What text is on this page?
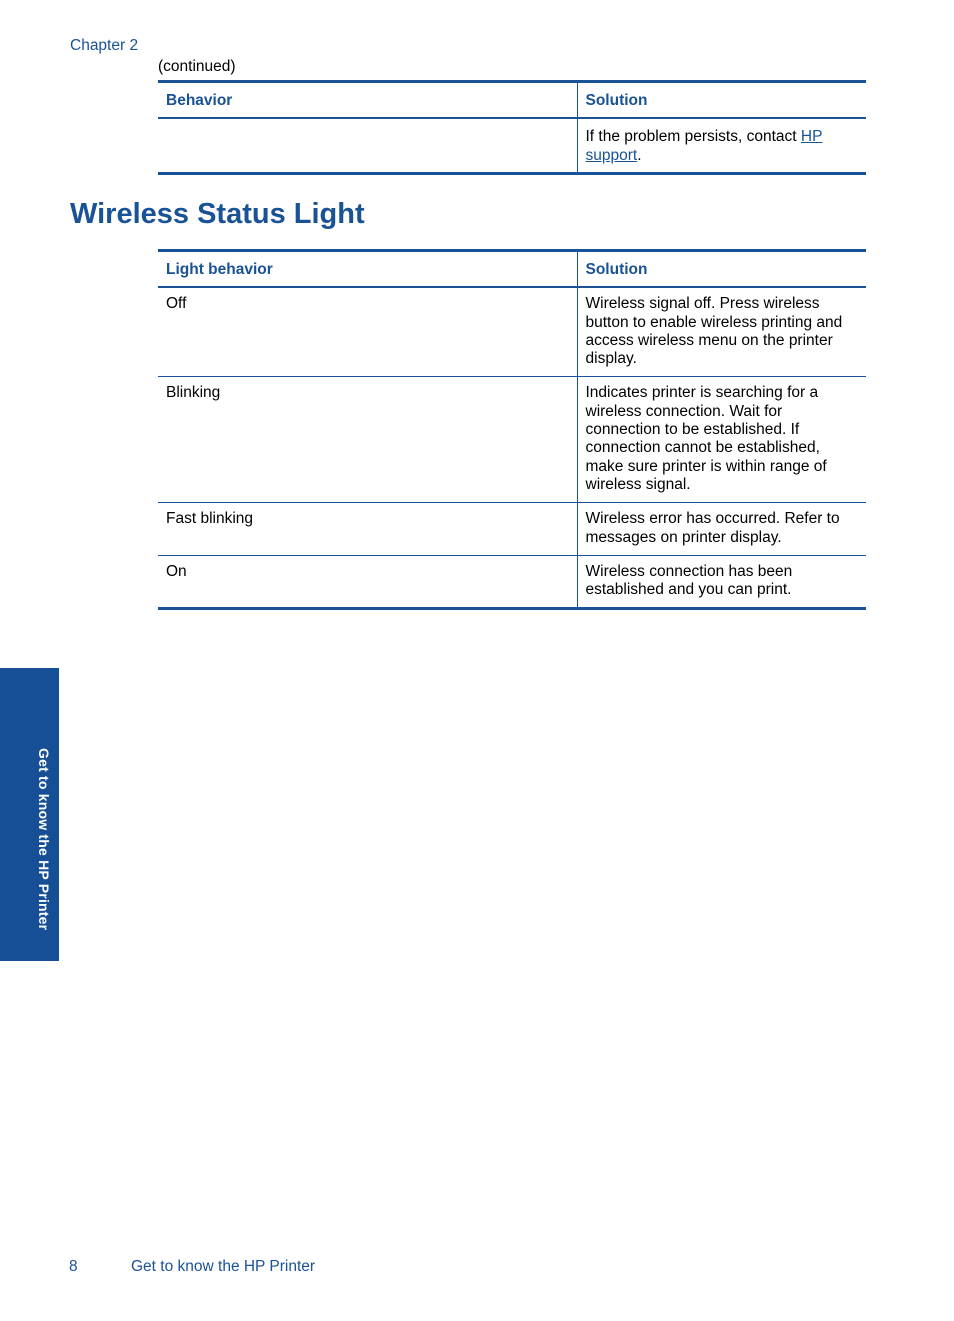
Chapter 2
(continued)
Behavior	Solution
	If the problem persists, contact HP support.
Wireless Status Light
Light behavior	Solution
Off	Wireless signal off. Press wireless button to enable wireless printing and access wireless menu on the printer display.
Blinking	Indicates printer is searching for a wireless connection. Wait for connection to be established. If connection cannot be established, make sure printer is within range of wireless signal.
Fast blinking	Wireless error has occurred. Refer to messages on printer display.
On	Wireless connection has been established and you can print.
Get to know the HP Printer
8	Get to know the HP Printer
